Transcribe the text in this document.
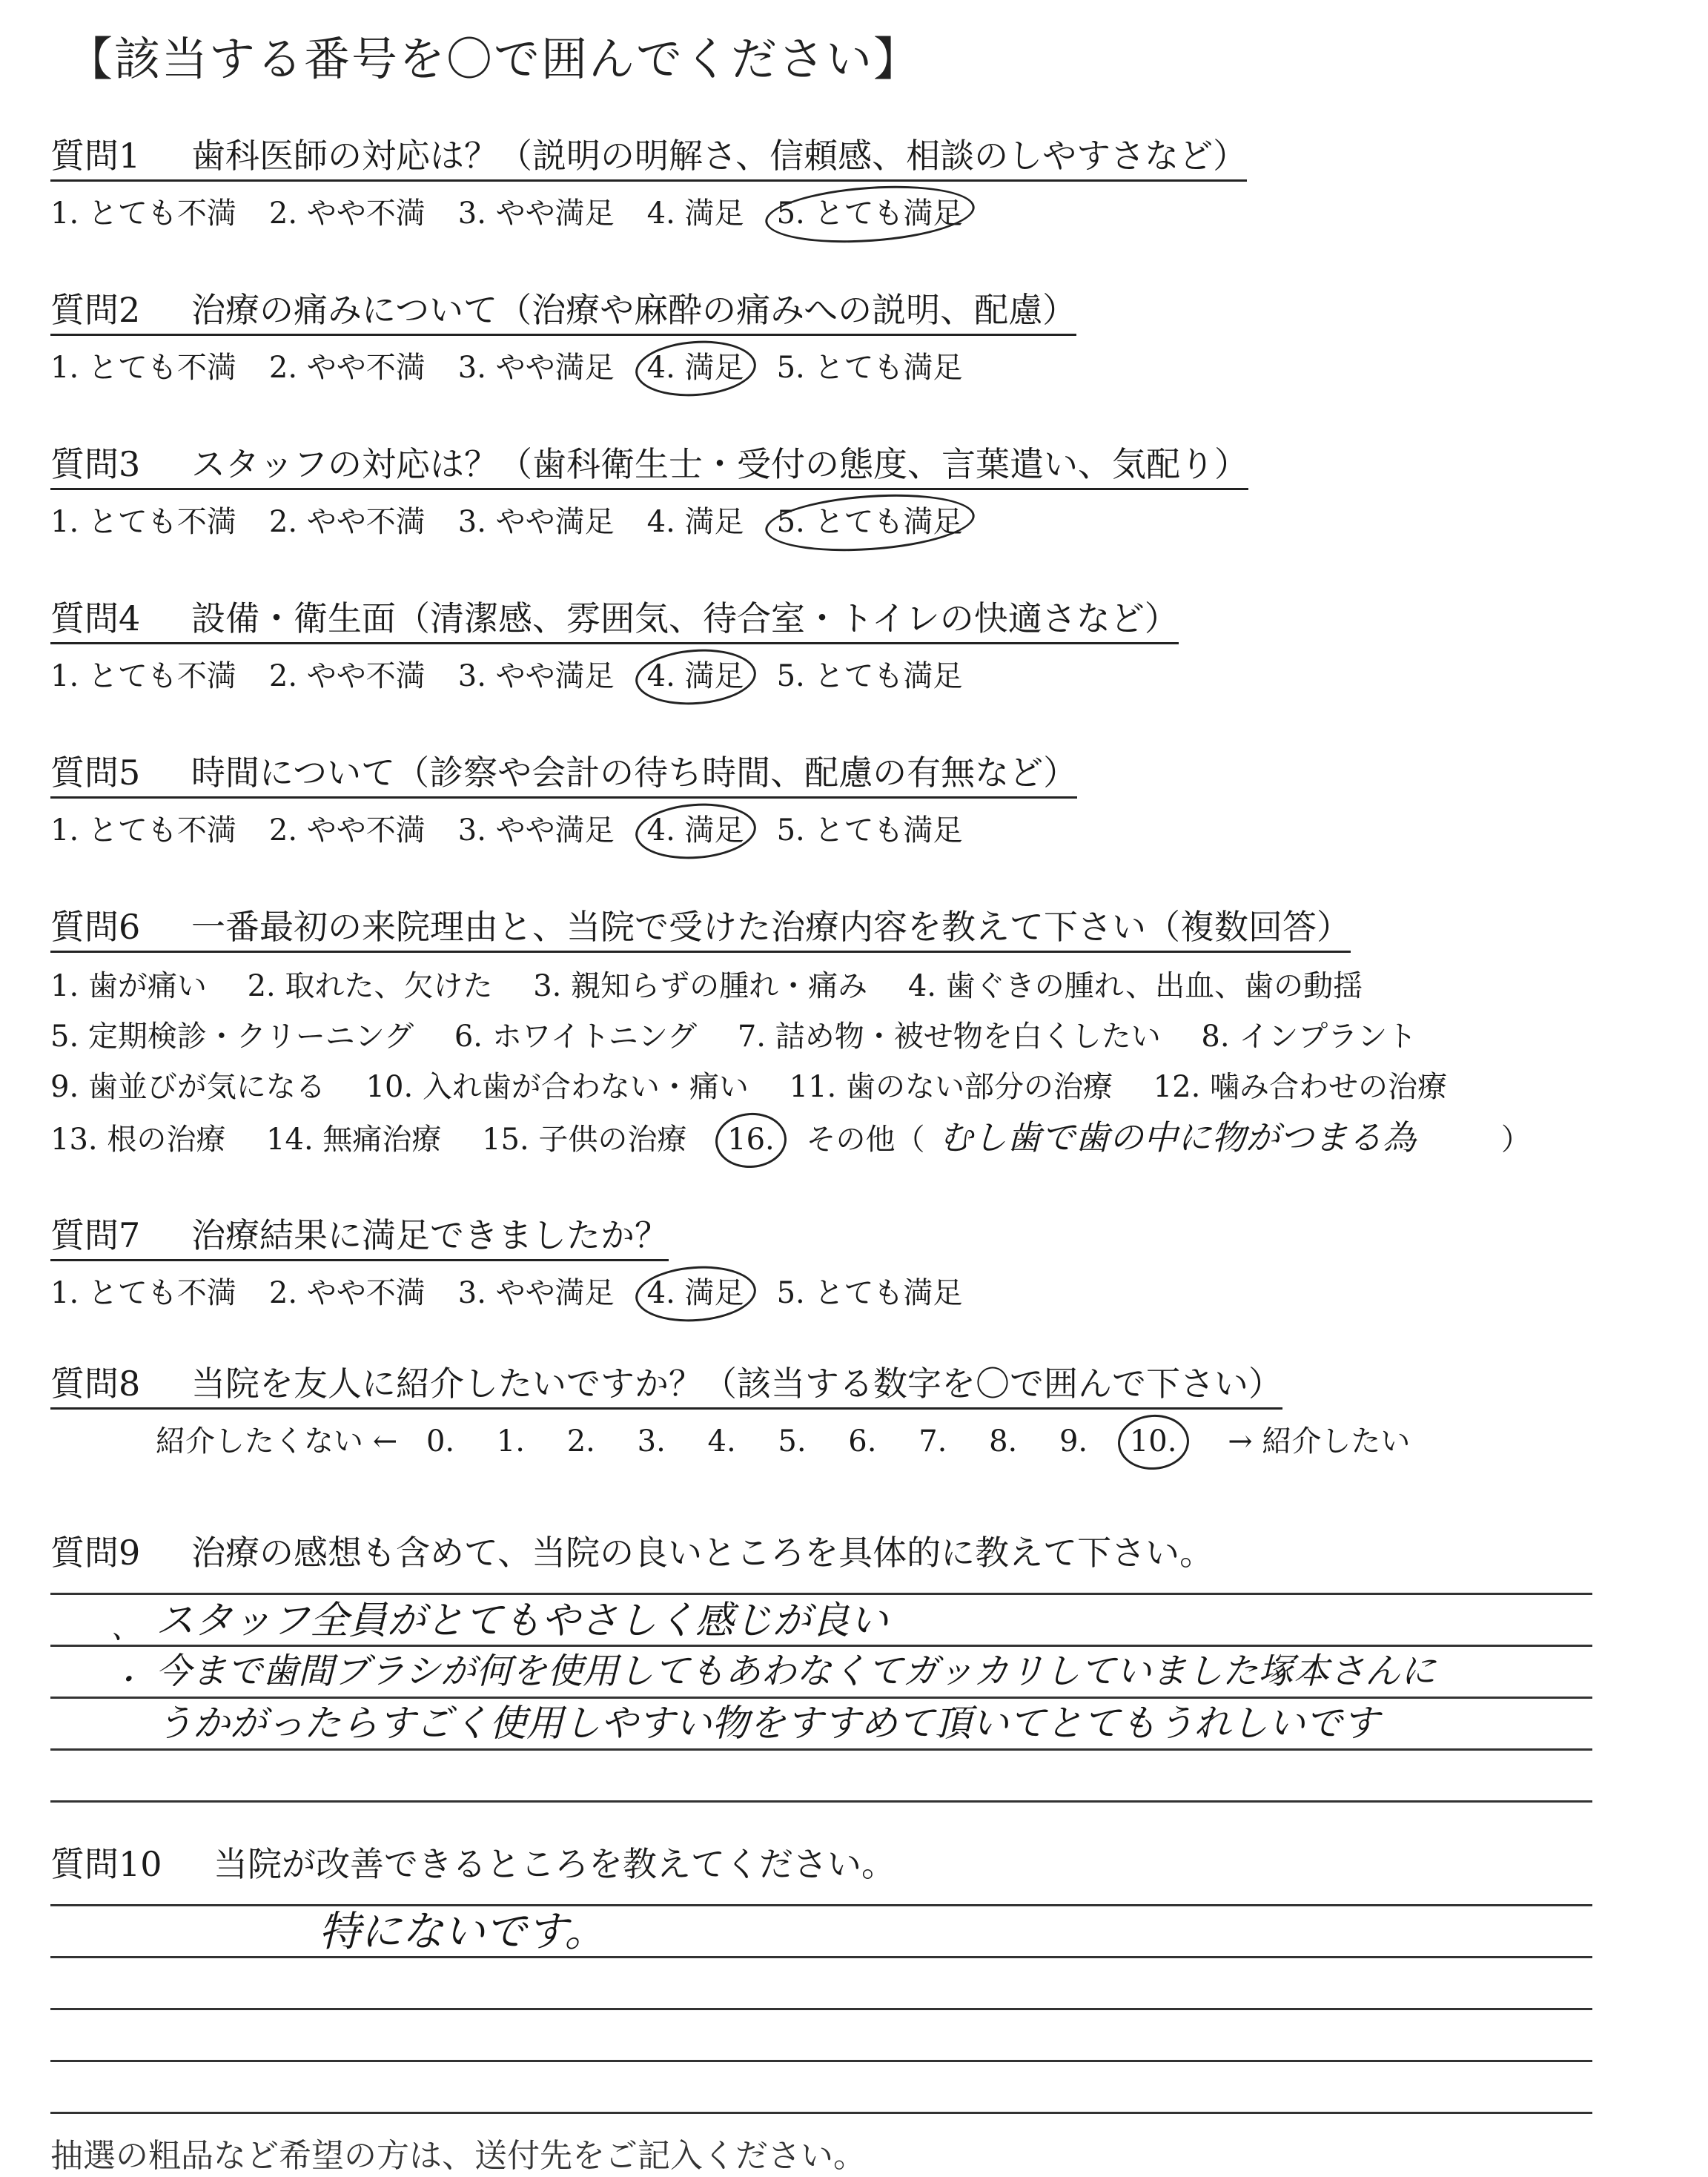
【該当する番号を〇で囲んでください】
質問1 歯科医師の対応は？（説明の明解さ、信頼感、相談のしやすさなど）
1. とても不満 2. やや不満 3. やや満足 4. 満足 5. とても満足
質問2 治療の痛みについて（治療や麻酔の痛みへの説明、配慮）
1. とても不満 2. やや不満 3. やや満足 4. 満足 5. とても満足
質問3 スタッフの対応は？（歯科衛生士・受付の態度、言葉遣い、気配り）
1. とても不満 2. やや不満 3. やや満足 4. 満足 5. とても満足
質問4 設備・衛生面（清潔感、雰囲気、待合室・トイレの快適さなど）
1. とても不満 2. やや不満 3. やや満足 4. 満足 5. とても満足
質問5 時間について（診察や会計の待ち時間、配慮の有無など）
1. とても不満 2. やや不満 3. やや満足 4. 満足 5. とても満足
質問6 一番最初の来院理由と、当院で受けた治療内容を教えて下さい（複数回答）
1. 歯が痛い 2. 取れた、欠けた 3. 親知らずの腫れ・痛み 4. 歯ぐきの腫れ、出血、歯の動揺
5. 定期検診・クリーニング 6. ホワイトニング 7. 詰め物・被せ物を白くしたい 8. インプラント
9. 歯並びが気になる 10. 入れ歯が合わない・痛い 11. 歯のない部分の治療 12. 噛み合わせの治療
13. 根の治療 14. 無痛治療 15. 子供の治療 16. その他（ むし歯で歯の中に物がつまる為	）
質問7 治療結果に満足できましたか？
1. とても不満 2. やや不満 3. やや満足 4. 満足 5. とても満足
質問8 当院を友人に紹介したいですか？（該当する数字を〇で囲んで下さい）
紹介したくない ← 0. 1. 2. 3. 4. 5. 6. 7. 8. 9. 10. → 紹介したい
質問9 治療の感想も含めて、当院の良いところを具体的に教えて下さい。
、
・
スタッフ全員がとてもやさしく感じが良い
今まで歯間ブラシが何を使用してもあわなくてガッカリしていました塚本さんに
うかがったらすごく使用しやすい物をすすめて頂いてとてもうれしいです
質問10 当院が改善できるところを教えてください。
特にないです。
抽選の粗品など希望の方は、送付先をご記入ください。
